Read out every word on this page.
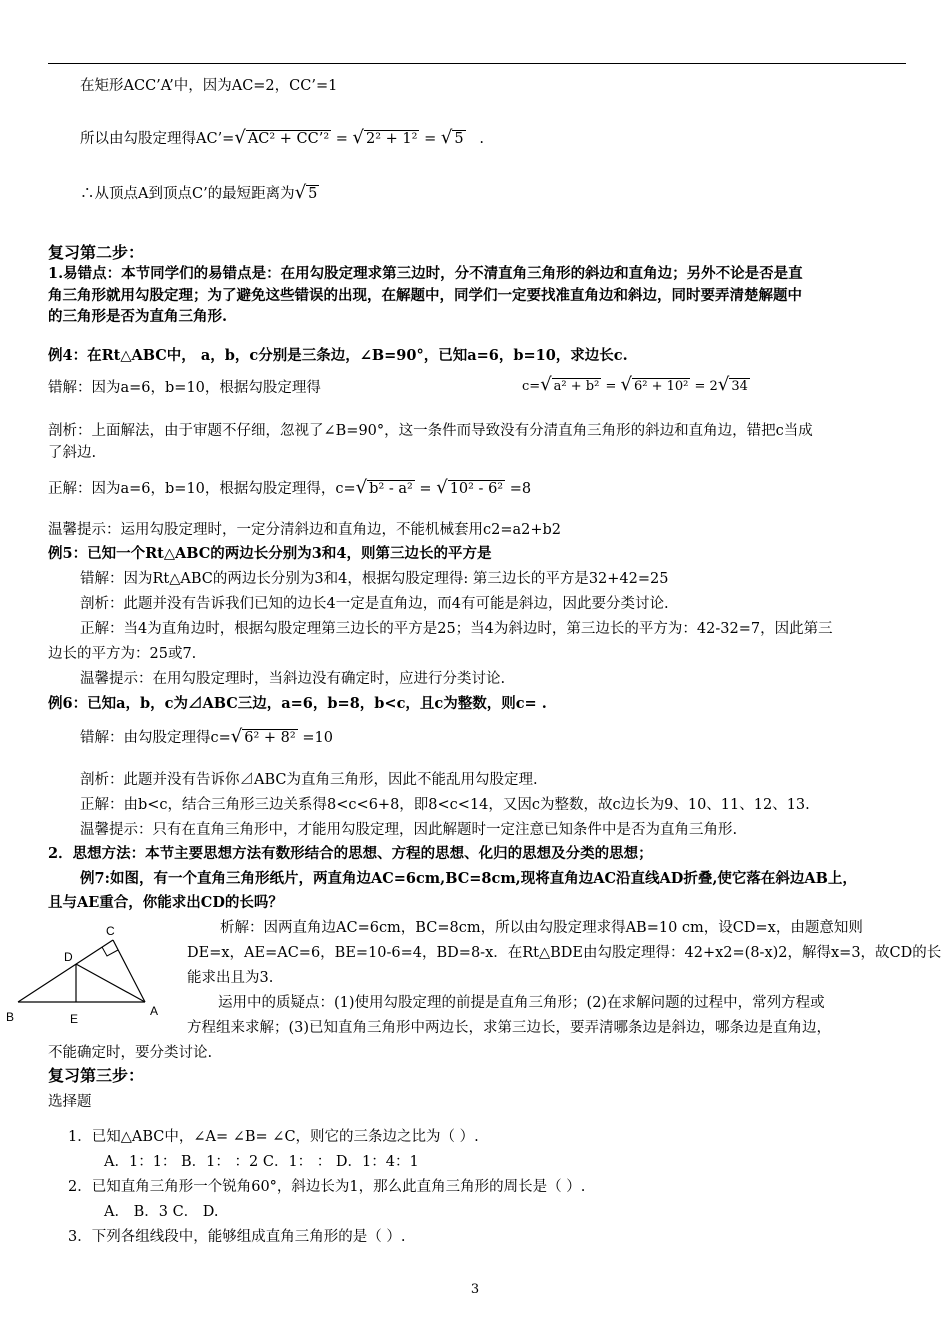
在矩形ACC’A’中，因为AC=2，CC’=1
所以由勾股定理得AC’=√ AC² + CC’² = √ 2² + 1² = √ 5 .
∴从顶点A到顶点C’的最短距离为√ 5
复习第二步：
1.易错点：本节同学们的易错点是：在用勾股定理求第三边时，分不清直角三角形的斜边和直角边；另外不论是否是直
角三角形就用勾股定理；为了避免这些错误的出现，在解题中，同学们一定要找准直角边和斜边，同时要弄清楚解题中
的三角形是否为直角三角形.
例4：在Rt△ABC中， a，b，c分别是三条边，∠B=90°，已知a=6，b=10，求边长c.
错解：因为a=6，b=10，根据勾股定理得	c=√ a² + b² = √ 6² + 10² = 2√ 34
剖析：上面解法，由于审题不仔细，忽视了∠B=90°，这一条件而导致没有分清直角三角形的斜边和直角边，错把c当成
了斜边.
正解：因为a=6，b=10，根据勾股定理得，c=√ b² - a² = √ 10² - 6² =8
温馨提示：运用勾股定理时，一定分清斜边和直角边，不能机械套用c2=a2+b2
例5：已知一个Rt△ABC的两边长分别为3和4，则第三边长的平方是
错解：因为Rt△ABC的两边长分别为3和4，根据勾股定理得: 第三边长的平方是32+42=25
剖析：此题并没有告诉我们已知的边长4一定是直角边，而4有可能是斜边，因此要分类讨论.
正解：当4为直角边时，根据勾股定理第三边长的平方是25；当4为斜边时，第三边长的平方为：42-32=7，因此第三
边长的平方为：25或7.
温馨提示：在用勾股定理时，当斜边没有确定时，应进行分类讨论.
例6：已知a，b，c为⊿ABC三边，a=6，b=8，b<c，且c为整数，则c= .
错解：由勾股定理得c=√ 6² + 8² =10
剖析：此题并没有告诉你⊿ABC为直角三角形，因此不能乱用勾股定理.
正解：由b<c，结合三角形三边关系得8<c<6+8，即8<c<14，又因c为整数，故c边长为9、10、11、12、13.
温馨提示：只有在直角三角形中，才能用勾股定理，因此解题时一定注意已知条件中是否为直角三角形.
2．思想方法：本节主要思想方法有数形结合的思想、方程的思想、化归的思想及分类的思想；
例7:如图，有一个直角三角形纸片，两直角边AC=6cm,BC=8cm,现将直角边AC沿直线AD折叠,使它落在斜边AB上，
且与AE重合，你能求出CD的长吗？
C
D
B	E
A
析解：因两直角边AC=6cm，BC=8cm，所以由勾股定理求得AB=10 cm，设CD=x，由题意知则
DE=x，AE=AC=6，BE=10-6=4，BD=8-x．在Rt△BDE由勾股定理得：42+x2=(8-x)2，解得x=3，故CD的长
能求出且为3.
运用中的质疑点：(1)使用勾股定理的前提是直角三角形；(2)在求解问题的过程中，常列方程或
方程组来求解；(3)已知直角三角形中两边长，求第三边长，要弄清哪条边是斜边，哪条边是直角边，
不能确定时，要分类讨论.
复习第三步：
选择题
1．已知△ABC中，∠A= ∠B= ∠C，则它的三条边之比为（ ）.
A．1：1： B．1： ：2 C．1： ： D．1：4：1
2．已知直角三角形一个锐角60°，斜边长为1，那么此直角三角形的周长是（ ）.
A． B．3 C． D.
3．下列各组线段中，能够组成直角三角形的是（ ）.
3
